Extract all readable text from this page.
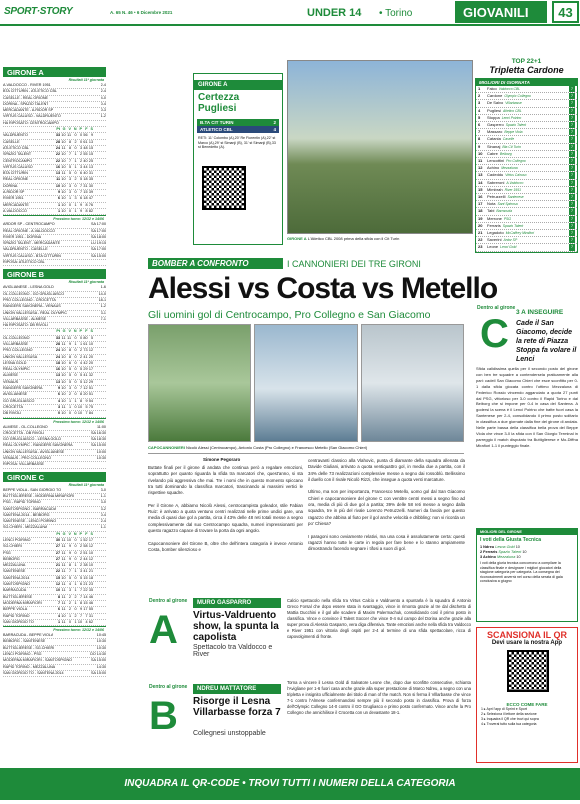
SPORT·STORY	A. 65 N. 46 • 6 Dicembre 2021	UNDER 14 • Torino	GIOVANILI	43
GIRONE A
Risultati 11ª giornata
A.VALDOCCO - RIVER 1951	2-4
BTA CITTURIN - ATLETICO CBL	2-4
CASELLE - REAL ORIONE	4-0
DORINA - SPAZIO TALENT	0-4
MERCADANTE - A.RIDOR SP	0-3
VIRTUS CALUSO - VALDRUENTO	1-2
HA RIPOSATO: CENTROCAMPO
Pt G V N P F S
VALDRUENTO	33 10 11 0 0 56 9
CASELLE	28 10 8 2 0 61 13
ATLETICO CBL	24 11 8 0 3 48 15
SPAZIO TALENT	22 10 7 1 2 55 15
CENTROCAMPO	22 10 7 1 2 40 25
VIRTUS CALUSO	16 10 5 1 3 44 13
BTA CITTURIN	13 11 5 0 6 40 31
REAL ORIONE	11 10 3 2 5 18 35
DORINA	10 10 3 0 7 31 30
A.RIDOR SP	9 10 3 0 7 15 39
RIVER 1951	6 10 1 3 6 18 47
MERCADANTE	1 10 0 1 9 8 76
A.VALDOCCO	1 10 0 1 9 8 82
Prossimo turno: 12/12 e 14/06
ARDOR SP - CENTROCAMPO	SA 17:00
REAL ORIONE - A.VALDOCCO	SA 17:00
RIVER 1951 - DORINA	SA 18:00
SPAZIO TALENT - MERCADANTE	LU 19:15
VALDRUENTO - CASELLE	SA 17:00
VIRTUS CALUSO - BTA CITTURIN	SA 15:00
RIPOSA: ATLETICO CBL
GIRONE B
Risultati 11ª giornata
AVIGLIANESE - LESNA GOLD	1-6
OL.COLLEGNO - GO GRUGLIASCO	14-0
PRO COLLEGNO - CROCETTA	18-1
RANGERS SAVONERA - VENAUS	1-2
UNION VALLESUSA - REAL OLYMPIC	3-1
VILLARBASSE - ALMESE	7-1
HA RIPOSATO: DB RIVOLI
Pt G V N P F S
OL.COLLEGNO	33 11 11 0 0 80 5
VILLARBASSE	28 11 9 1 1 61 10
PRO COLLEGNO	24 10 8 0 2 73 12
UNION VALLESUSA	24 10 8 0 2 41 20
LESNA GOLD	18 10 6 0 4 42 20
REAL OLYMPIC	16 10 5 0 5 29 17
ALMESE	13 10 5 0 5 41 32
VENAUS	13 10 5 0 5 12 29
RANGERS SAVONERA	9 10 3 0 7 12 51
AVIGLIANESE	6 10 2 0 8 20 51
GO GRUGLIASCO	4 10 1 1 8 9 54
CROCETTA	3 11 1 0 10 5 75
DB RIVOLI	0 10 0 0 10 7 84
Prossimo turno: 12/12 e 14/06
ALMESE - OL.COLLEGNO	11:00
CROCETTA - DB RIVOLI	SA 16:30
GO GRUGLIASCO - LESNA GOLD	SA 18:30
REAL OLYMPIC - RANGERS SAVONERA	SA 15:00
UNION VALLESUSA - AVIGLIANESE	10:00
VENAUS - PRO COLLEGNO	10:30
RIPOSA: VILLARBASSE
GIRONE C
Risultati 11ª giornata
BEPPE VIOLA - SAN GIORGIO TO	3-0
BUTTIGLIERESE - MODERNA MIRAFIORI	1-1
PSG - RAPID TORINO	3-0
SANTOSPIGNO - BARRACUDA	3-2
SANTENA 2014 - BEIBORG	0-4
SANTENESE - LENCI POIRINO	2-4
SG.CHIERI - MEZZALUNA	1-1
Pt G V N P F S
LENCI POIRINO	30 11 10 0 1 52 17
SG.CHIERI	27 11 9 0 2 58 12
PSG	27 11 9 0 2 51 10
BEIBORG	27 11 9 0 2 44 12
MEZZALUNA	21 11 8 1 2 38 10
SANTENESE	22 11 7 1 3 41 21
SANTENA 2014	15 10 5 0 5 15 18
SANTOSPIGNO	12 11 4 1 6 21 23
BARRACUDA	10 11 3 1 7 22 35
BUTTIGLIERESE	8 11 2 2 7 14 46
MODERNA MIRAFIORI	7 11 2 1 8 15 46
BEPPE VIOLA	6 11 2 0 9 17 55
RAPID TORINO	4 10 1 2 7 7 31
SAN GIORGIO TO	1 11 0 1 10 4 62
Prossimo turno: 12/12 e 14/06
BARRACUDA - BEPPE VIOLA	10:45
BEIBORG - SANTENESE	10:30
BUTTIGLIERESE - SG.CHIERI	10:30
LENCI POIRINO - PSG	DO 14:30
MODERNA MIRAFIORI - SANTOSPIGNO	SA 15:00
RAPID TORINO - MEZZALUNA	14:30
SAN GIORGIO TO - SANTENA 2014	SA 15:00
GIRONE A
Certezza Pugliesi
B.TA CIT TURIN	2
ATLETICO CBL	4
RETI: 11' Colombo (A),20' Re Fiorentin (A),22' st Marco (A),29' st Simanji (B), 31' st Simanji (B),33 st Benedetto (A).
GIRONE A L'Atletico CBL 2008 prima della sfida con il Cit Turin
BOMBER A CONFRONTO	I CANNONIERI DEI TRE GIRONI
Alessi vs Costa vs Metello
Gli uomini gol di Centrocampo, Pro Collegno e San Giacomo
CAPOCANNONIERI Nicolò Alessi (Centrocampo), Antonio Costa (Pro Collegno) e Francesco Metello (San Giacomo Chieri)
Simone Pegoraro
Buttate finali per il girone di andata che continua però a regalare emozioni, soprattutto per quanto riguarda la sfida tra marcatori che, quest'anno, si sta rivelando più aggressiva che mai. Tre i nomi che in questo momento spiccano tra tutti dominando la classifica marcatori, trascinando ai massimi vertici le rispettive squadre.

Per il Girone A, abbiamo Nicolò Alessi, centrocampista goleador, stile Fabian Ruiz: è arrivato a quota ventuno centri realizzati nelle prime undici gare, una media di quasi due gol a partita, circa il 43% delle 48 reti totali messe a segno complessivamente dal suo Centrocampo squadra, numeri impressionanti per questo ragazzo capace di trovare la porta da ogni angolo.

Capocannoniere del Girone B, oltre che dell'intera categoria è invece Antonio Costa, bomber silenzioso e
centravanti classico alla Vlahovic, punta di diamante della squadra allenata da Davide Giuliani, arrivato a quota ventiquattro gol, in media due a partita, con il 34% delle 73 realizzazioni complessive messe a segno dai rossoblù. Bellissimo il duello con il rivale Nicolò Rizzi, che insegue a quota venti marcature.

Ultimo, ma non per importanza, Francesco Metello, uomo gol dal San Giacomo Chieri e capocannoniere del girone C con ventitre centri messi a segno fino ad ora, media di più di due gol a partita; 39% delle 58 reti messe a segno dalla squadra, tre in più del rivale Lorenzo Petruzzelli. Numeri da favola per questo ragazzo che abbina al fiuto per il gol anche velocità e dribbling: non vi ricorda un po' Chiesa?

I paragoni sono ovviamente relativi, ma una cosa è assolutamente certa: questi ragazzi hanno tutte le carte in regola per fare bene e lo stanno ampiamente dimostrando facendo segnare i tifosi a suon di gol.
TOP 22+1
Tripletta Cardone
MIGLIORI DI GIORNATA
1	Falco Valdocco CBL	7
2	Cardone Olympic Collegno	7
3	De Salvo Villarbasse	7
4	Pugliesi Atletico CBL	7
5	Stoppa Lenci Poirino	7
6	Gasperro Spazio Talent	7
7	Massaro Beppe Viola	7
8	Catania Caselle	7
9	Sinanaj Bta Cit Turin	7
10	Cabre Beiborg	7
11	Lencottini Pro Collegno	7
12	Achino Mezzaluna	7
13	Cadeddu Virtus Calruso	7
14	Sabreroni A.Valdocco	7
15	Mimbrah River 1951	7
16	Petruzzelli Santenese	7
17	Nota Sant Spinosa	7
18	Tabi Barracuda	7
19	Merrone PSG	7
20	Ferraris Spazio Talent	7
21	Legadoto McCaffrey Mirafiori	7
22	Saverini Ardor SP	7
23	Leone Lenci Gold	7
Dentro al girone
C 3 A INSEGUIRE
Cade il San Giacomo, decide la rete di Piazza Stoppa fa volare il Lenci
Sfida calidissima quella per il secondo posto del girone con ben tre squadre a contendersela praticamente alla pari: cadeil San Giacomo Chieri che esce sconfitto per 0-1 dalla sfida giocata contro l'ottimo Mezzaluna di Federico Rossio vincendo agganciato a quota 27 punti dal PSG, vittorioso per 3-0 contro il Rapid Torino e dal Beiborg che si impone per 0-4 in casa del Santena. A godersi la scena è il Lenci Poirino che batte fuori casa la Santenese per 2-4, consolidando il primo posto solitario in classifica a due giornate dalla fine del girone di andata. Nelle parte bassa della classifica bella prova del Beppe Viola che vince 3-0 la sfida con il San Giorgio Terminal in parreggio il match disputato tra Buttiglierese e Mo-Diffna Mirafiori 1-1 il punteggio finale.
MIGLIORI DEL GIRONE
I voti della Giusta Tecnica
1 Ndreu Lesna Gold 10
2 Ferraris Spazio Talent 10
3 Achino Mezzaluna 10
I voti della giuria tecnica concorrono a compilare la classifica finale e designare i migliori giocatori della stagione categoria per categoria. La consegna dei riconoscimenti avverrà nel corso della serata di gala conclusiva a giugno
SCANSIONA IL QR
Devi usare la nostra App
ECCO COME FARE
1 ▸ Apri l'app di Sprint e Sport
2 ▸ Seleziona il lettore della sezione
3 ▸ Inquadra il QR che trovi qui sopra
4 ▸ Troverai tutto sulla tua categoria
Dentro al girone
A
MURO GASPARRO
Virtus-Valdruento show, la spunta la capolista
Spettacolo tra Valdocco e River
Calcio spettacolo nella sfida tra Virtus Calcio e Valdruento a spuntarla è la squadra di Antonio Greco Forsal che dopo essere stata in svantaggio, vince in rimonta grazie al tre dal dischetto di Mattia Ducchini e il gol alle scadere di Maxim Palermachuk, consolidando così il primo posto in classifica. Vince e convince il Talent Soccer che vince 0-4 sul campo del Dorina anche grazie alla super prova di Alessio Gasparro, vera diga difensiva. Tante emozioni anche nella sfida tra Valdocco e River 1951 con vittoria degli ospiti per 2-4 al termine di una sfida spettacolare, ricca di capovolgimenti di fronte.
Dentro al girone
B
NDREU MATTATORE
Risorge il Lesna Villarbasse forza 7
Collegnesi unstoppable
Torna a vincere il Lesna Gold di Salvatore Leone che, dopo due sconfitte consecutive, schianta l'Avigliane per 1-6 fuori casa anche grazie alla super prestazione di Marco Ndreu, a segno con una tripletta e insignito ufficialmente dei titolo di man of the match. Non si ferma il Villarbasse che vince 7-1 contro l'Almese confermandosi sempre più il secondo posto in classifica. Prova di forza dell'Olympic Collegno 14-0 contro il GO Grugliasco e primo posto confermato. Vince anche la Pro Collegno che annichilisce il Crocetta con un devastante 18-1.
INQUADRA IL QR-CODE • TROVI TUTTI I NUMERI DELLA CATEGORIA
